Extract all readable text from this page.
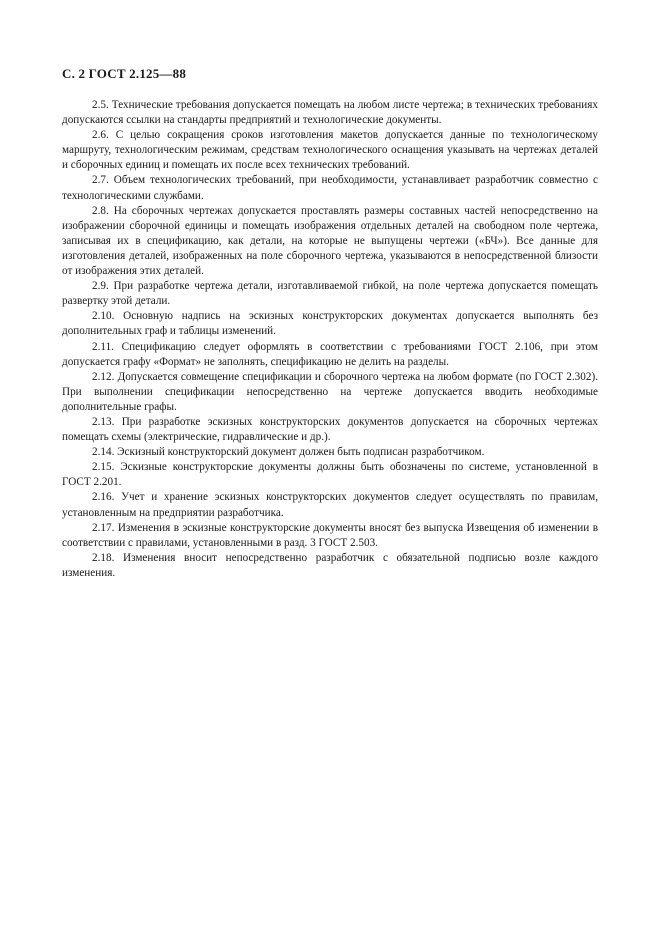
С. 2 ГОСТ 2.125—88

2.5. Технические требования допускается помещать на любом листе чертежа; в технических требованиях допускаются ссылки на стандарты предприятий и технологические документы.

2.6. С целью сокращения сроков изготовления макетов допускается данные по технологическому маршруту, технологическим режимам, средствам технологического оснащения указывать на чертежах деталей и сборочных единиц и помещать их после всех технических требований.

2.7. Объем технологических требований, при необходимости, устанавливает разработчик совместно с технологическими службами.

2.8. На сборочных чертежах допускается проставлять размеры составных частей непосредственно на изображении сборочной единицы и помещать изображения отдельных деталей на свободном поле чертежа, записывая их в спецификацию, как детали, на которые не выпущены чертежи («БЧ»). Все данные для изготовления деталей, изображенных на поле сборочного чертежа, указываются в непосредственной близости от изображения этих деталей.

2.9. При разработке чертежа детали, изготавливаемой гибкой, на поле чертежа допускается помещать развертку этой детали.

2.10. Основную надпись на эскизных конструкторских документах допускается выполнять без дополнительных граф и таблицы изменений.

2.11. Спецификацию следует оформлять в соответствии с требованиями ГОСТ 2.106, при этом допускается графу «Формат» не заполнять, спецификацию не делить на разделы.

2.12. Допускается совмещение спецификации и сборочного чертежа на любом формате (по ГОСТ 2.302). При выполнении спецификации непосредственно на чертеже допускается вводить необходимые дополнительные графы.

2.13. При разработке эскизных конструкторских документов допускается на сборочных чертежах помещать схемы (электрические, гидравлические и др.).

2.14. Эскизный конструкторский документ должен быть подписан разработчиком.

2.15. Эскизные конструкторские документы должны быть обозначены по системе, установленной в ГОСТ 2.201.

2.16. Учет и хранение эскизных конструкторских документов следует осуществлять по правилам, установленным на предприятии разработчика.

2.17. Изменения в эскизные конструкторские документы вносят без выпуска Извещения об изменении в соответствии с правилами, установленными в разд. 3 ГОСТ 2.503.

2.18. Изменения вносит непосредственно разработчик с обязательной подписью возле каждого изменения.
